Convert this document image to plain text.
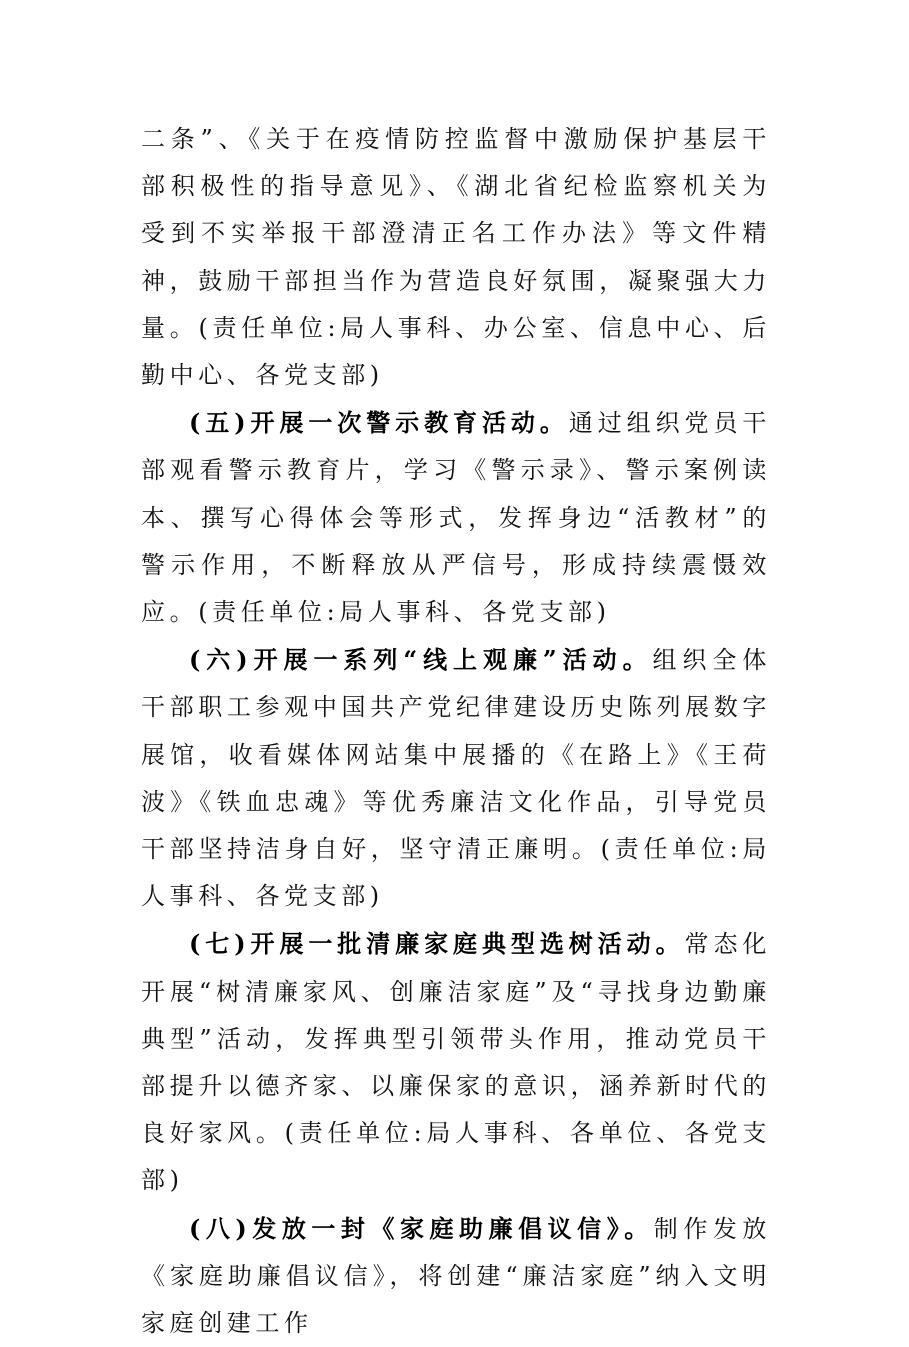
二条”、《关于在疫情防控监督中激励保护基层干部积极性的指导意见》、《湖北省纪检监察机关为受到不实举报干部澄清正名工作办法》等文件精神，鼓励干部担当作为营造良好氛围，凝聚强大力量。(责任单位:局人事科、办公室、信息中心、后勤中心、各党支部)

(五)开展一次警示教育活动。通过组织党员干部观看警示教育片，学习《警示录》、警示案例读本、撰写心得体会等形式，发挥身边“活教材”的警示作用，不断释放从严信号，形成持续震慑效应。(责任单位:局人事科、各党支部)

(六)开展一系列“线上观廉”活动。组织全体干部职工参观中国共产党纪律建设历史陈列展数字展馆，收看媒体网站集中展播的《在路上》《王荷波》《铁血忠魂》等优秀廉洁文化作品，引导党员干部坚持洁身自好，坚守清正廉明。(责任单位:局人事科、各党支部)

(七)开展一批清廉家庭典型选树活动。常态化开展“树清廉家风、创廉洁家庭”及“寻找身边勤廉典型”活动，发挥典型引领带头作用，推动党员干部提升以德齐家、以廉保家的意识，涵养新时代的良好家风。(责任单位:局人事科、各单位、各党支部)

(八)发放一封《家庭助廉倡议信》。制作发放《家庭助廉倡议信》，将创建“廉洁家庭”纳入文明家庭创建工作
